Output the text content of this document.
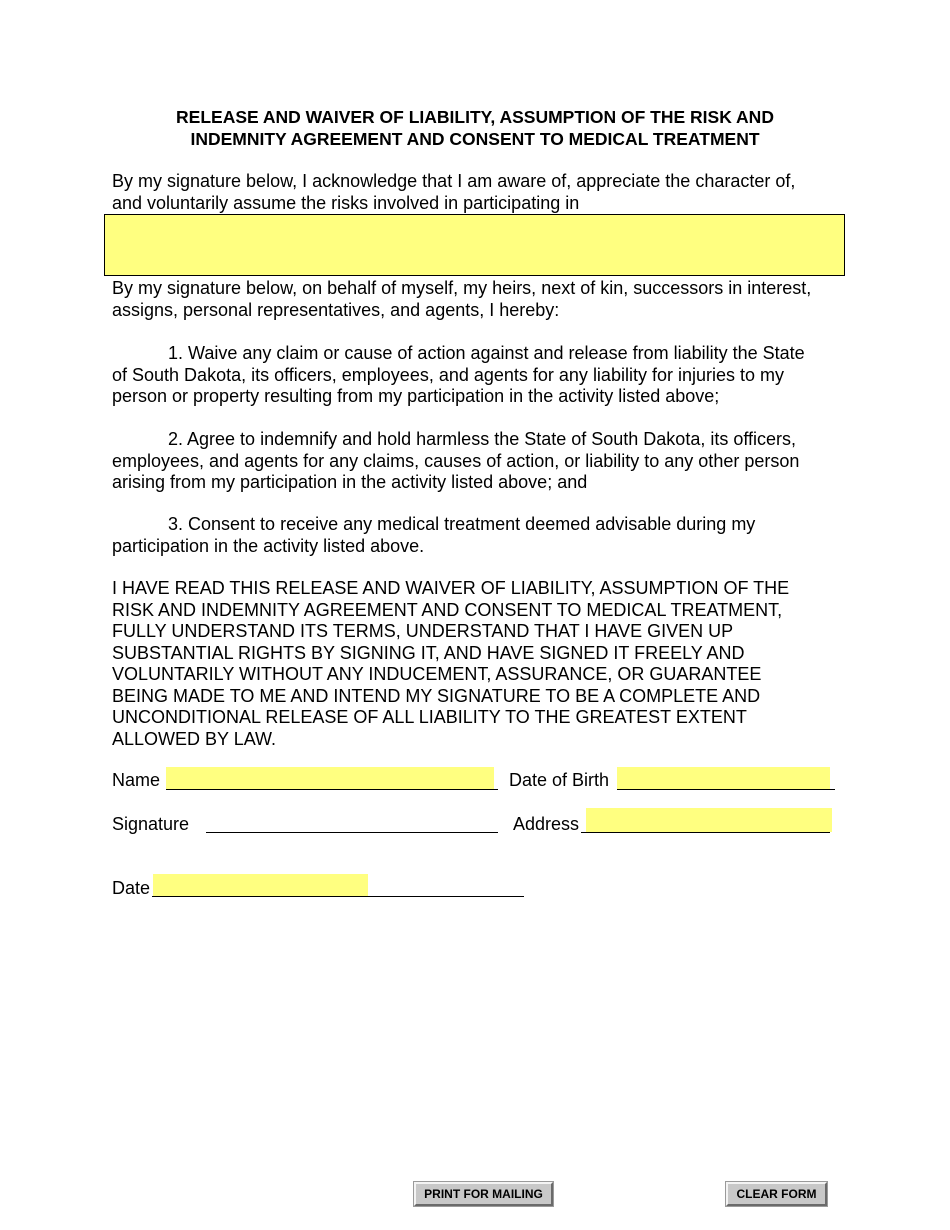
RELEASE AND WAIVER OF LIABILITY, ASSUMPTION OF THE RISK AND
INDEMNITY AGREEMENT AND CONSENT TO MEDICAL TREATMENT
By my signature below, I acknowledge that I am aware of, appreciate the character of,
and voluntarily assume the risks involved in participating in
By my signature below, on behalf of myself, my heirs, next of kin, successors in interest,
assigns, personal representatives, and agents, I hereby:
1. Waive any claim or cause of action against and release from liability the State
of South Dakota, its officers, employees, and agents for any liability for injuries to my
person or property resulting from my participation in the activity listed above;
2. Agree to indemnify and hold harmless the State of South Dakota, its officers,
employees, and agents for any claims, causes of action, or liability to any other person
arising from my participation in the activity listed above; and
3. Consent to receive any medical treatment deemed advisable during my
participation in the activity listed above.
I HAVE READ THIS RELEASE AND WAIVER OF LIABILITY, ASSUMPTION OF THE
RISK AND INDEMNITY AGREEMENT AND CONSENT TO MEDICAL TREATMENT,
FULLY UNDERSTAND ITS TERMS, UNDERSTAND THAT I HAVE GIVEN UP
SUBSTANTIAL RIGHTS BY SIGNING IT, AND HAVE SIGNED IT FREELY AND
VOLUNTARILY WITHOUT ANY INDUCEMENT, ASSURANCE, OR GUARANTEE
BEING MADE TO ME AND INTEND MY SIGNATURE TO BE A COMPLETE AND
UNCONDITIONAL RELEASE OF ALL LIABILITY TO THE GREATEST EXTENT
ALLOWED BY LAW.
Name	Date of Birth
Signature	Address
Date
PRINT FOR MAILING	CLEAR FORM
